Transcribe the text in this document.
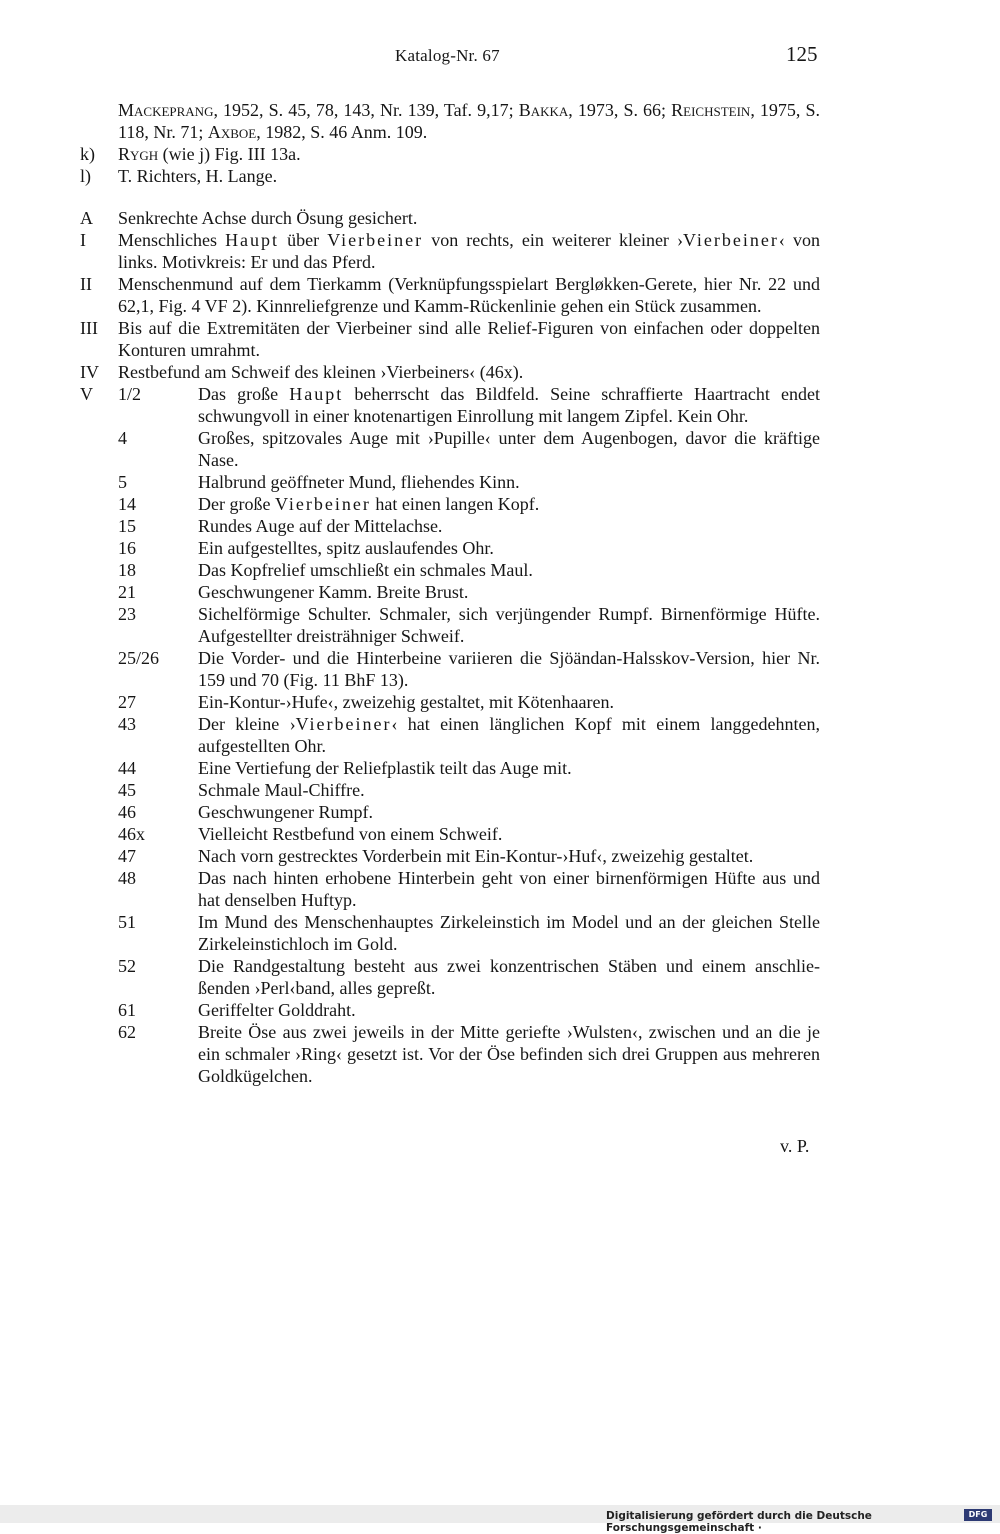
Katalog-Nr. 67	125

Mackeprang, 1952, S. 45, 78, 143, Nr. 139, Taf. 9,17; Bakka, 1973, S. 66; Reichstein, 1975, S. 118, Nr. 71; Axboe, 1982, S. 46 Anm. 109.

k) Rygh (wie j) Fig. III 13a.

l) T. Richters, H. Lange.

A Senkrechte Achse durch Ösung gesichert.

I Menschliches Haupt über Vierbeiner von rechts, ein weiterer kleiner ›Vierbeiner‹ von links. Motivkreis: Er und das Pferd.

II Menschenmund auf dem Tierkamm (Verknüpfungsspielart Bergløkken-Gerete, hier Nr. 22 und 62,1, Fig. 4 VF 2). Kinnreliefgrenze und Kamm-Rückenlinie gehen ein Stück zusammen.

III Bis auf die Extremitäten der Vierbeiner sind alle Relief-Figuren von einfachen oder doppelten Konturen umrahmt.

IV Restbefund am Schweif des kleinen ›Vierbeiners‹ (46x).

V 1/2	Das große Haupt beherrscht das Bildfeld. Seine schraffierte Haartracht endet schwungvoll in einer knotenartigen Einrollung mit langem Zipfel. Kein Ohr.
4	Großes, spitzovales Auge mit ›Pupille‹ unter dem Augenbogen, davor die kräftige Nase.
5	Halbrund geöffneter Mund, fliehendes Kinn.
14	Der große Vierbeiner hat einen langen Kopf.
15	Rundes Auge auf der Mittelachse.
16	Ein aufgestelltes, spitz auslaufendes Ohr.
18	Das Kopfrelief umschließt ein schmales Maul.
21	Geschwungener Kamm. Breite Brust.
23	Sichelförmige Schulter. Schmaler, sich verjüngender Rumpf. Birnenförmige Hüfte. Aufgestellter dreisträhniger Schweif.
25/26 Die Vorder- und die Hinterbeine variieren die Sjöändan-Halsskov-Version, hier Nr. 159 und 70 (Fig. 11 BhF 13).
27	Ein-Kontur-›Hufe‹, zweizehig gestaltet, mit Kötenhaaren.
43	Der kleine ›Vierbeiner‹ hat einen länglichen Kopf mit einem langgedehnten, aufgestellten Ohr.
44	Eine Vertiefung der Reliefplastik teilt das Auge mit.
45	Schmale Maul-Chiffre.
46	Geschwungener Rumpf.
46x	Vielleicht Restbefund von einem Schweif.
47	Nach vorn gestrecktes Vorderbein mit Ein-Kontur-›Huf‹, zweizehig gestaltet.
48	Das nach hinten erhobene Hinterbein geht von einer birnenförmigen Hüfte aus und hat denselben Huftyp.
51	Im Mund des Menschenhauptes Zirkeleinstich im Model und an der gleichen Stelle Zirkeleinstichloch im Gold.
52	Die Randgestaltung besteht aus zwei konzentrischen Stäben und einem anschlie-ßenden ›Perl‹band, alles gepreßt.
61	Geriffelter Golddraht.
62	Breite Öse aus zwei jeweils in der Mitte geriefte ›Wulsten‹, zwischen und an die je ein schmaler ›Ring‹ gesetzt ist. Vor der Öse befinden sich drei Gruppen aus mehreren Goldkügelchen.
v. P.
Digitalisierung gefördert durch die Deutsche Forschungsgemeinschaft ·
DFG
